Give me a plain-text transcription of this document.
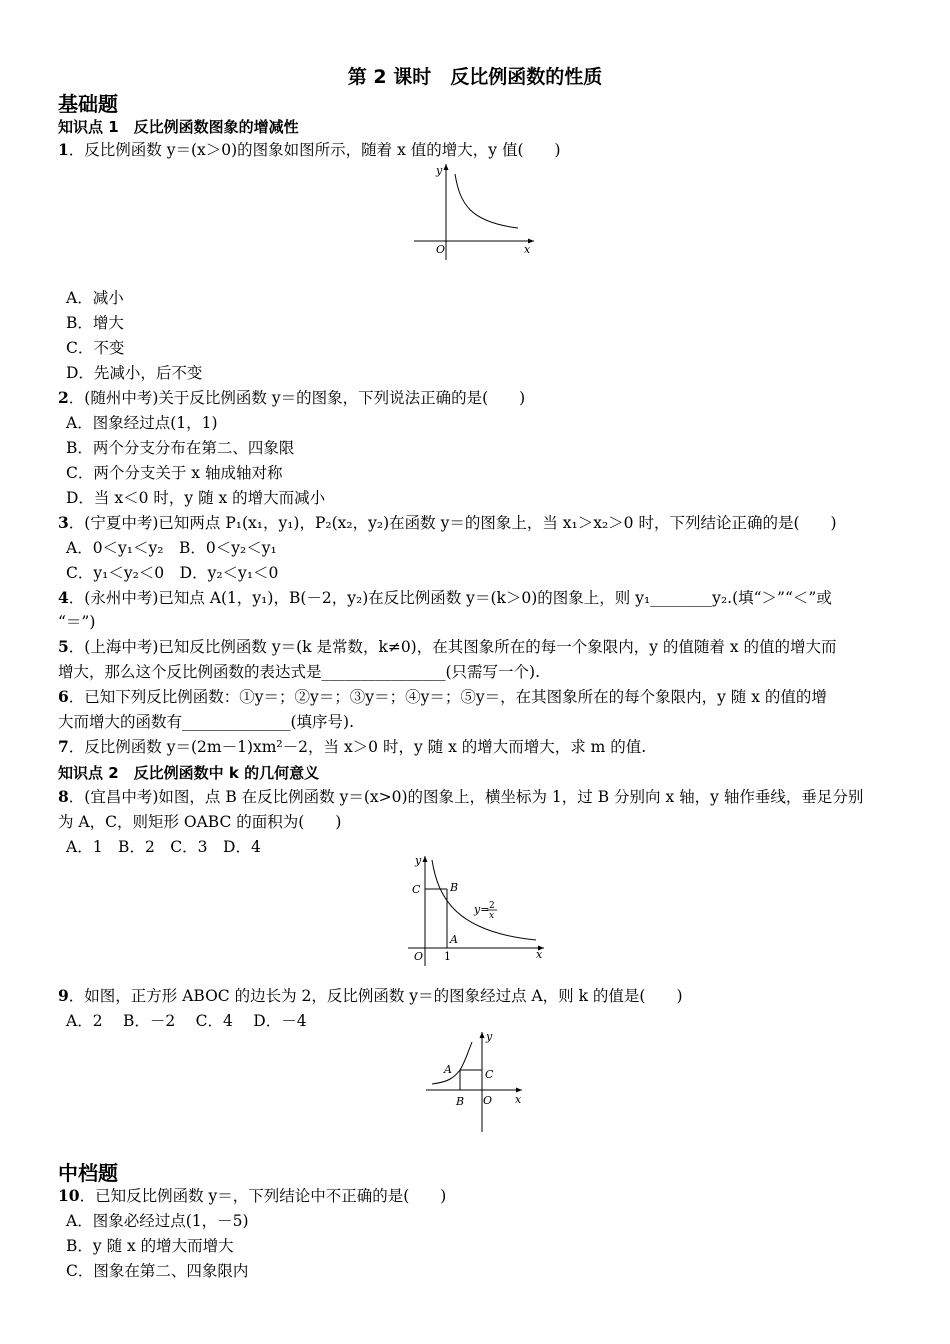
第 2 课时　反比例函数的性质
基础题
知识点 1　反比例函数图象的增减性
1．反比例函数 y＝(x＞0)的图象如图所示，随着 x 值的增大，y 值(　　)
y
O	x
A．减小
B．增大
C．不变
D．先减小，后不变
2．(随州中考)关于反比例函数 y＝的图象，下列说法正确的是(　　)
A．图象经过点(1，1)
B．两个分支分布在第二、四象限
C．两个分支关于 x 轴成轴对称
D．当 x＜0 时，y 随 x 的增大而减小
3．(宁夏中考)已知两点 P₁(x₁，y₁)，P₂(x₂，y₂)在函数 y＝的图象上，当 x₁＞x₂＞0 时，下列结论正确的是(　　)
A．0＜y₁＜y₂　B．0＜y₂＜y₁
C．y₁＜y₂＜0　D．y₂＜y₁＜0
4．(永州中考)已知点 A(1，y₁)，B(－2，y₂)在反比例函数 y＝(k＞0)的图象上，则 y₁________y₂.(填“＞”“＜”或
“＝”)
5．(上海中考)已知反比例函数 y＝(k 是常数，k≠0)，在其图象所在的每一个象限内，y 的值随着 x 的值的增大而
增大，那么这个反比例函数的表达式是________________(只需写一个).
6．已知下列反比例函数：①y＝；②y＝；③y＝；④y＝；⑤y＝，在其图象所在的每个象限内，y 随 x 的值的增
大而增大的函数有______________(填序号).
7．反比例函数 y＝(2m－1)xm²－2，当 x＞0 时，y 随 x 的增大而增大，求 m 的值.
知识点 2　反比例函数中 k 的几何意义
8．(宜昌中考)如图，点 B 在反比例函数 y＝(x>0)的图象上，横坐标为 1，过 B 分别向 x 轴，y 轴作垂线，垂足分别
为 A，C，则矩形 OABC 的面积为(　　)
A．1　B．2　C．3　D．4
y
C	B
A
O 1	x
y= 2
x
9．如图，正方形 ABOC 的边长为 2，反比例函数 y＝的图象经过点 A，则 k 的值是(　　)
A．2　 B．－2　 C．4　 D．－4
y
A	C
B O x
中档题
10．已知反比例函数 y＝，下列结论中不正确的是(　　)
A．图象必经过点(1，－5)
B．y 随 x 的增大而增大
C．图象在第二、四象限内
